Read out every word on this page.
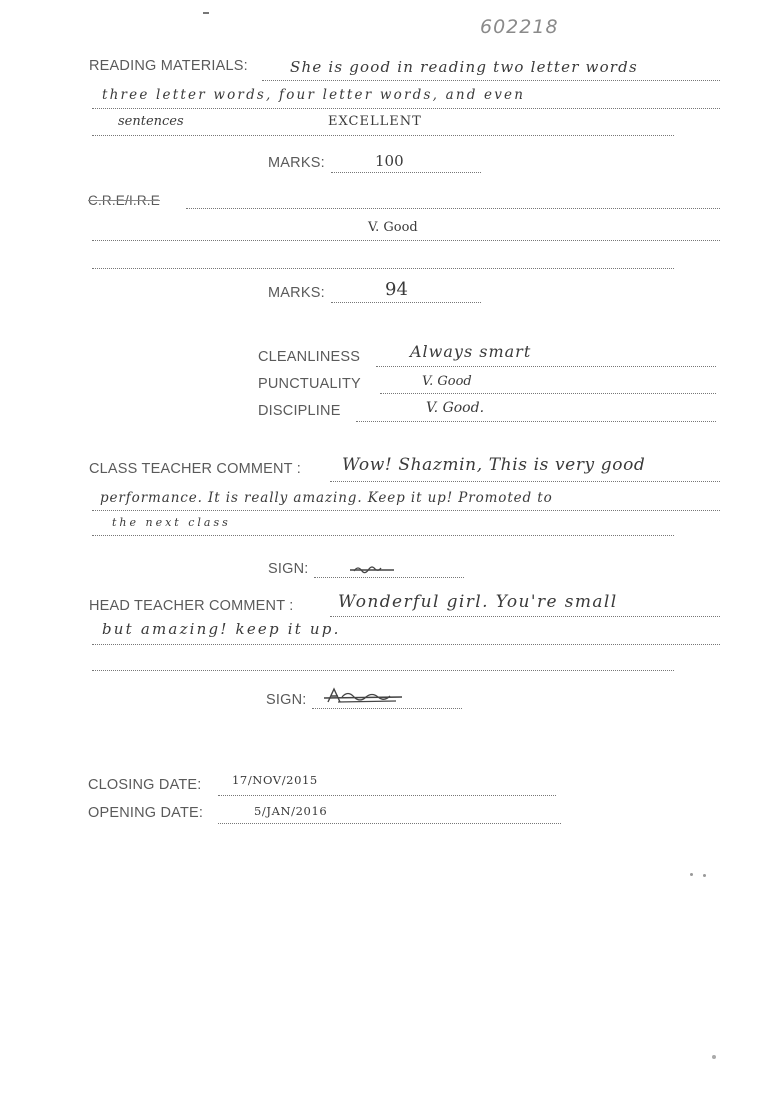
602218
READING MATERIALS:	She is good in reading two letter words
three letter words, four letter words, and even
sentences	EXCELLENT
MARKS:	100
C.R.E/I.R.E
V. Good
MARKS:	94
CLEANLINESS	Always smart
PUNCTUALITY	V. Good
DISCIPLINE	V. Good.
CLASS TEACHER COMMENT : Wow! Shazmin, This is very good
performance. It is really amazing. Keep it up! Promoted to
the next class
SIGN:
HEAD TEACHER COMMENT :	Wonderful girl. You're small
but amazing! keep it up.
SIGN:
CLOSING DATE:	17/NOV/2015
OPENING DATE:	5/JAN/2016
